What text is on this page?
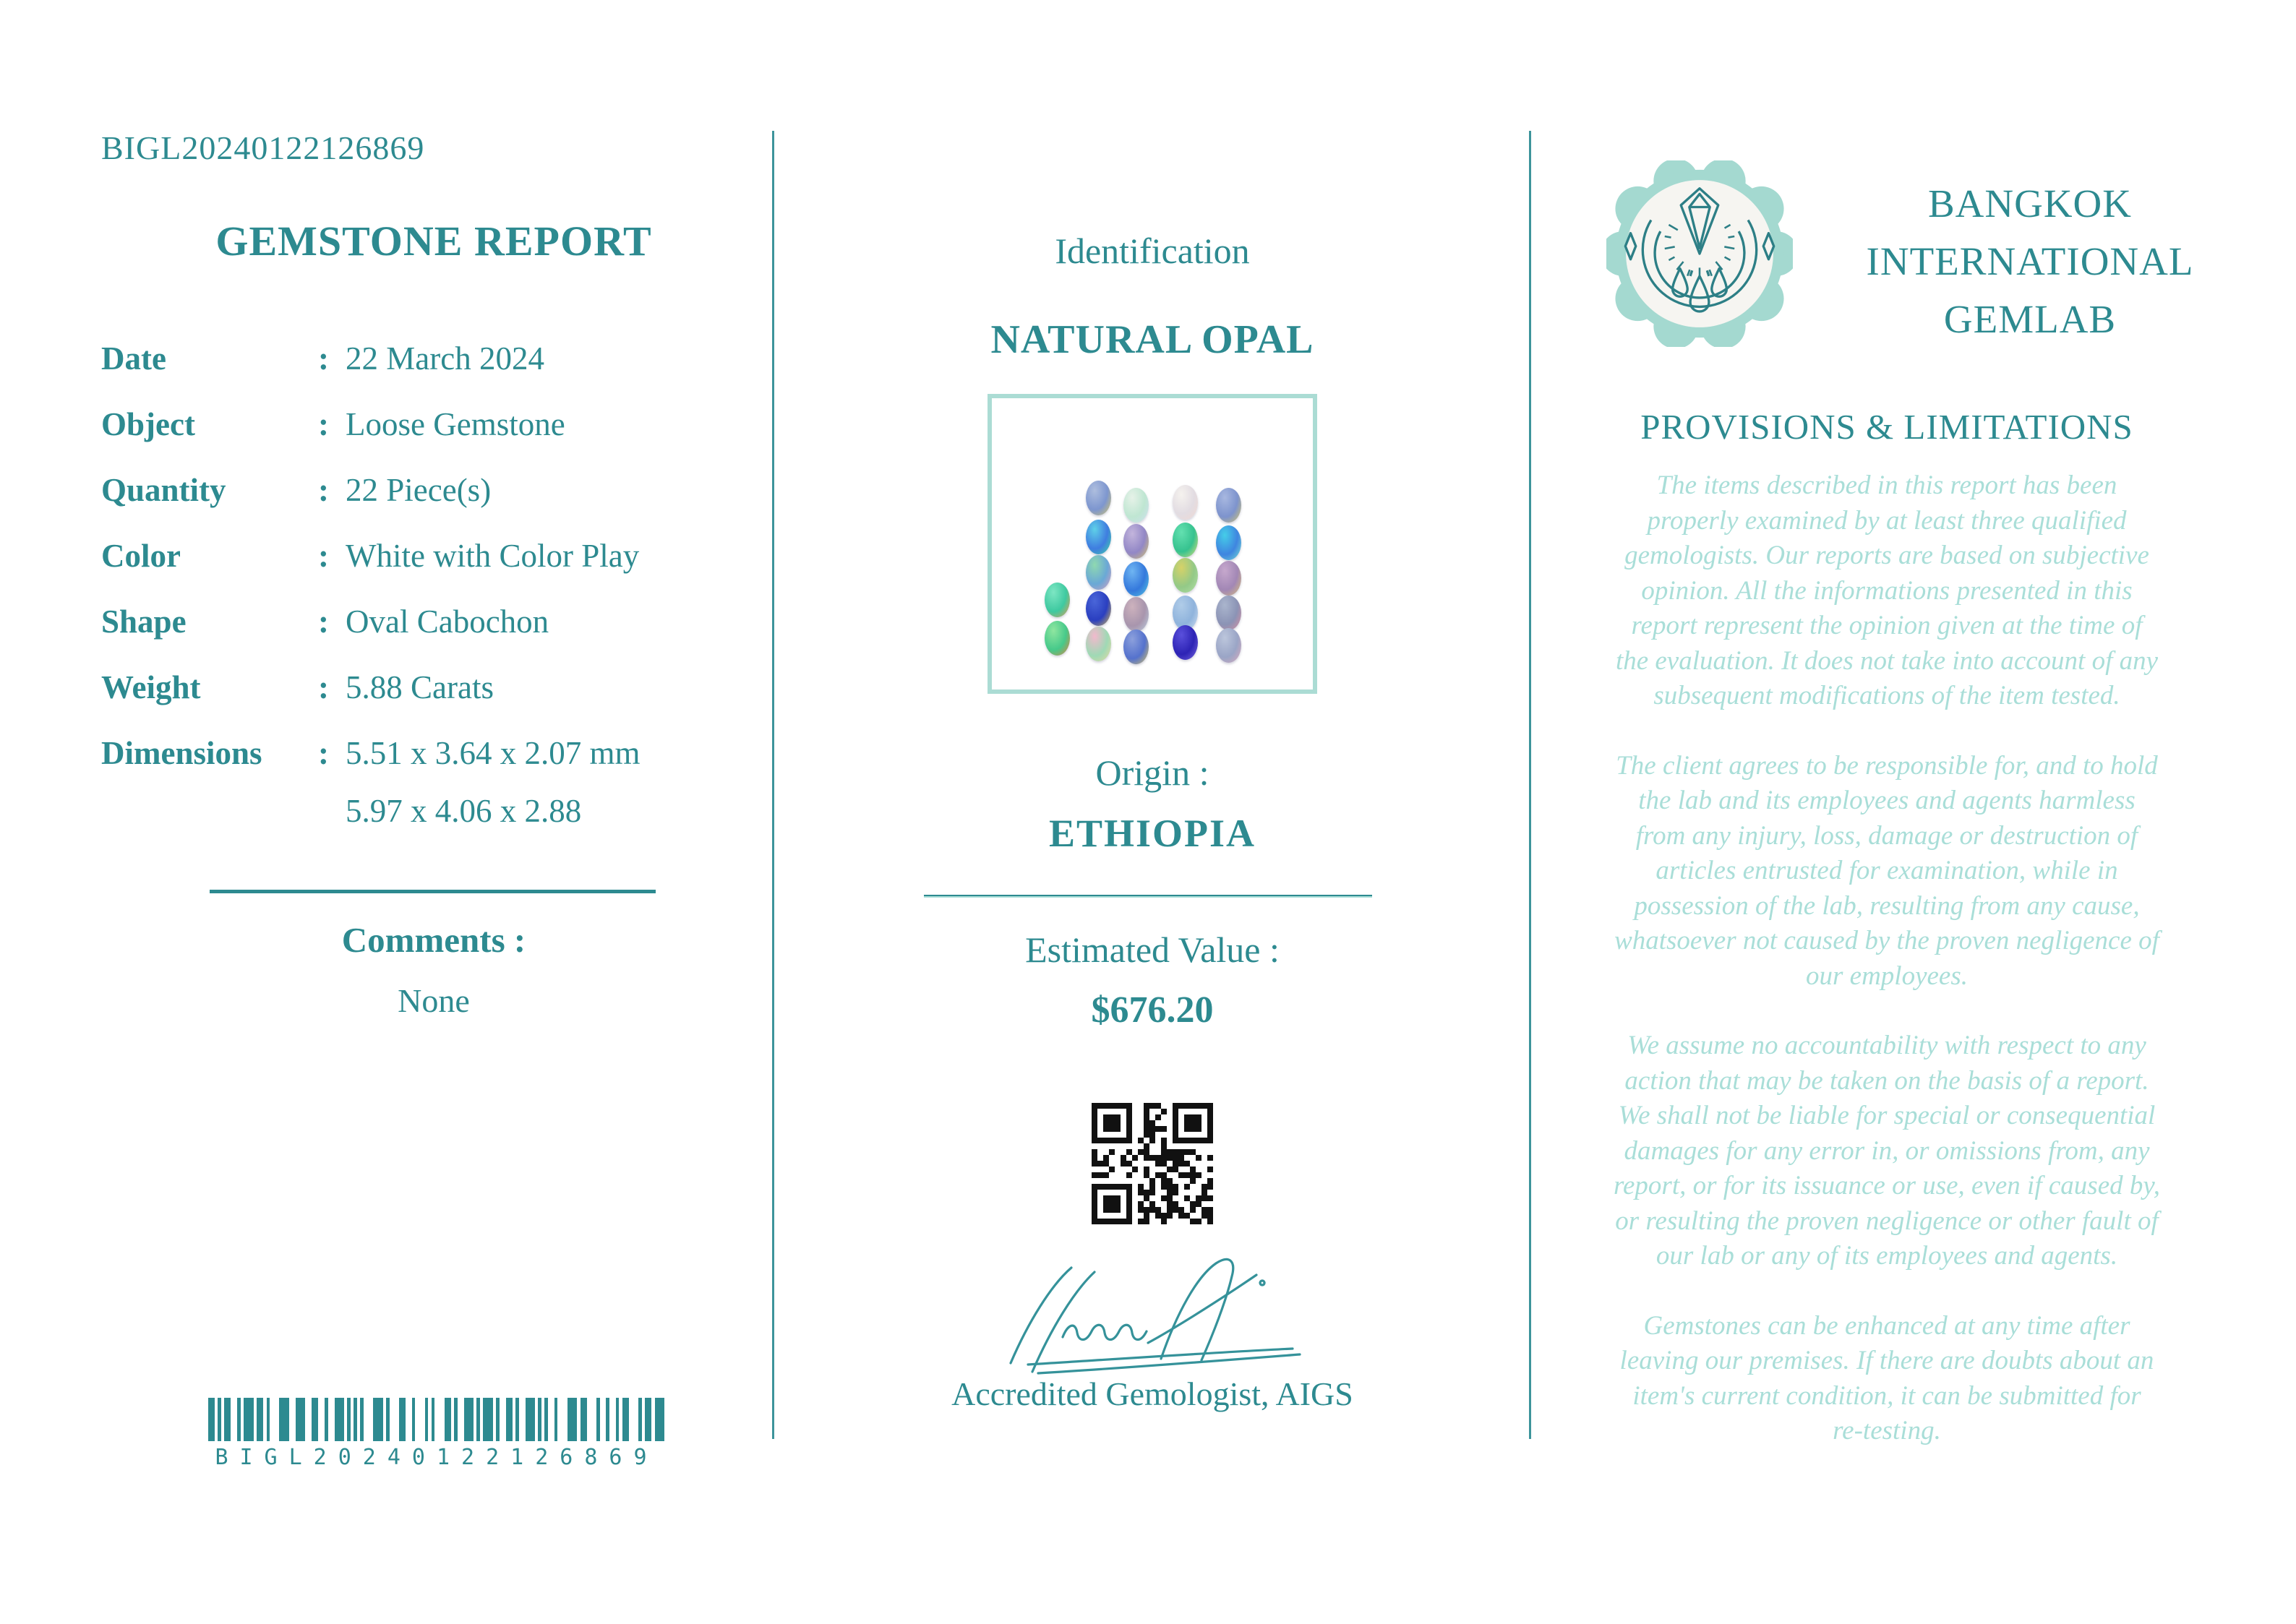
BIGL20240122126869
GEMSTONE REPORT
Date	: 22 March 2024
Object	: Loose Gemstone
Quantity	: 22 Piece(s)
Color	: White with Color Play
Shape	: Oval Cabochon
Weight	: 5.88 Carats
Dimensions : 5.51 x 3.64 x 2.07 mm
5.97 x 4.06 x 2.88
Comments :
None
BIGL20240122126869
Identification
NATURAL OPAL
Origin :
ETHIOPIA
Estimated Value :
$676.20
Accredited Gemologist, AIGS
BANGKOK
INTERNATIONAL
GEMLAB
PROVISIONS & LIMITATIONS
The items described in this report has been
properly examined by at least three qualified
gemologists. Our reports are based on subjective
opinion. All the informations presented in this
report represent the opinion given at the time of
the evaluation. It does not take into account of any
subsequent modifications of the item tested.
The client agrees to be responsible for, and to hold
the lab and its employees and agents harmless
from any injury, loss, damage or destruction of
articles entrusted for examination, while in
possession of the lab, resulting from any cause,
whatsoever not caused by the proven negligence of
our employees.
We assume no accountability with respect to any
action that may be taken on the basis of a report.
We shall not be liable for special or consequential
damages for any error in, or omissions from, any
report, or for its issuance or use, even if caused by,
or resulting the proven negligence or other fault of
our lab or any of its employees and agents.
Gemstones can be enhanced at any time after
leaving our premises. If there are doubts about an
item's current condition, it can be submitted for
re-testing.
